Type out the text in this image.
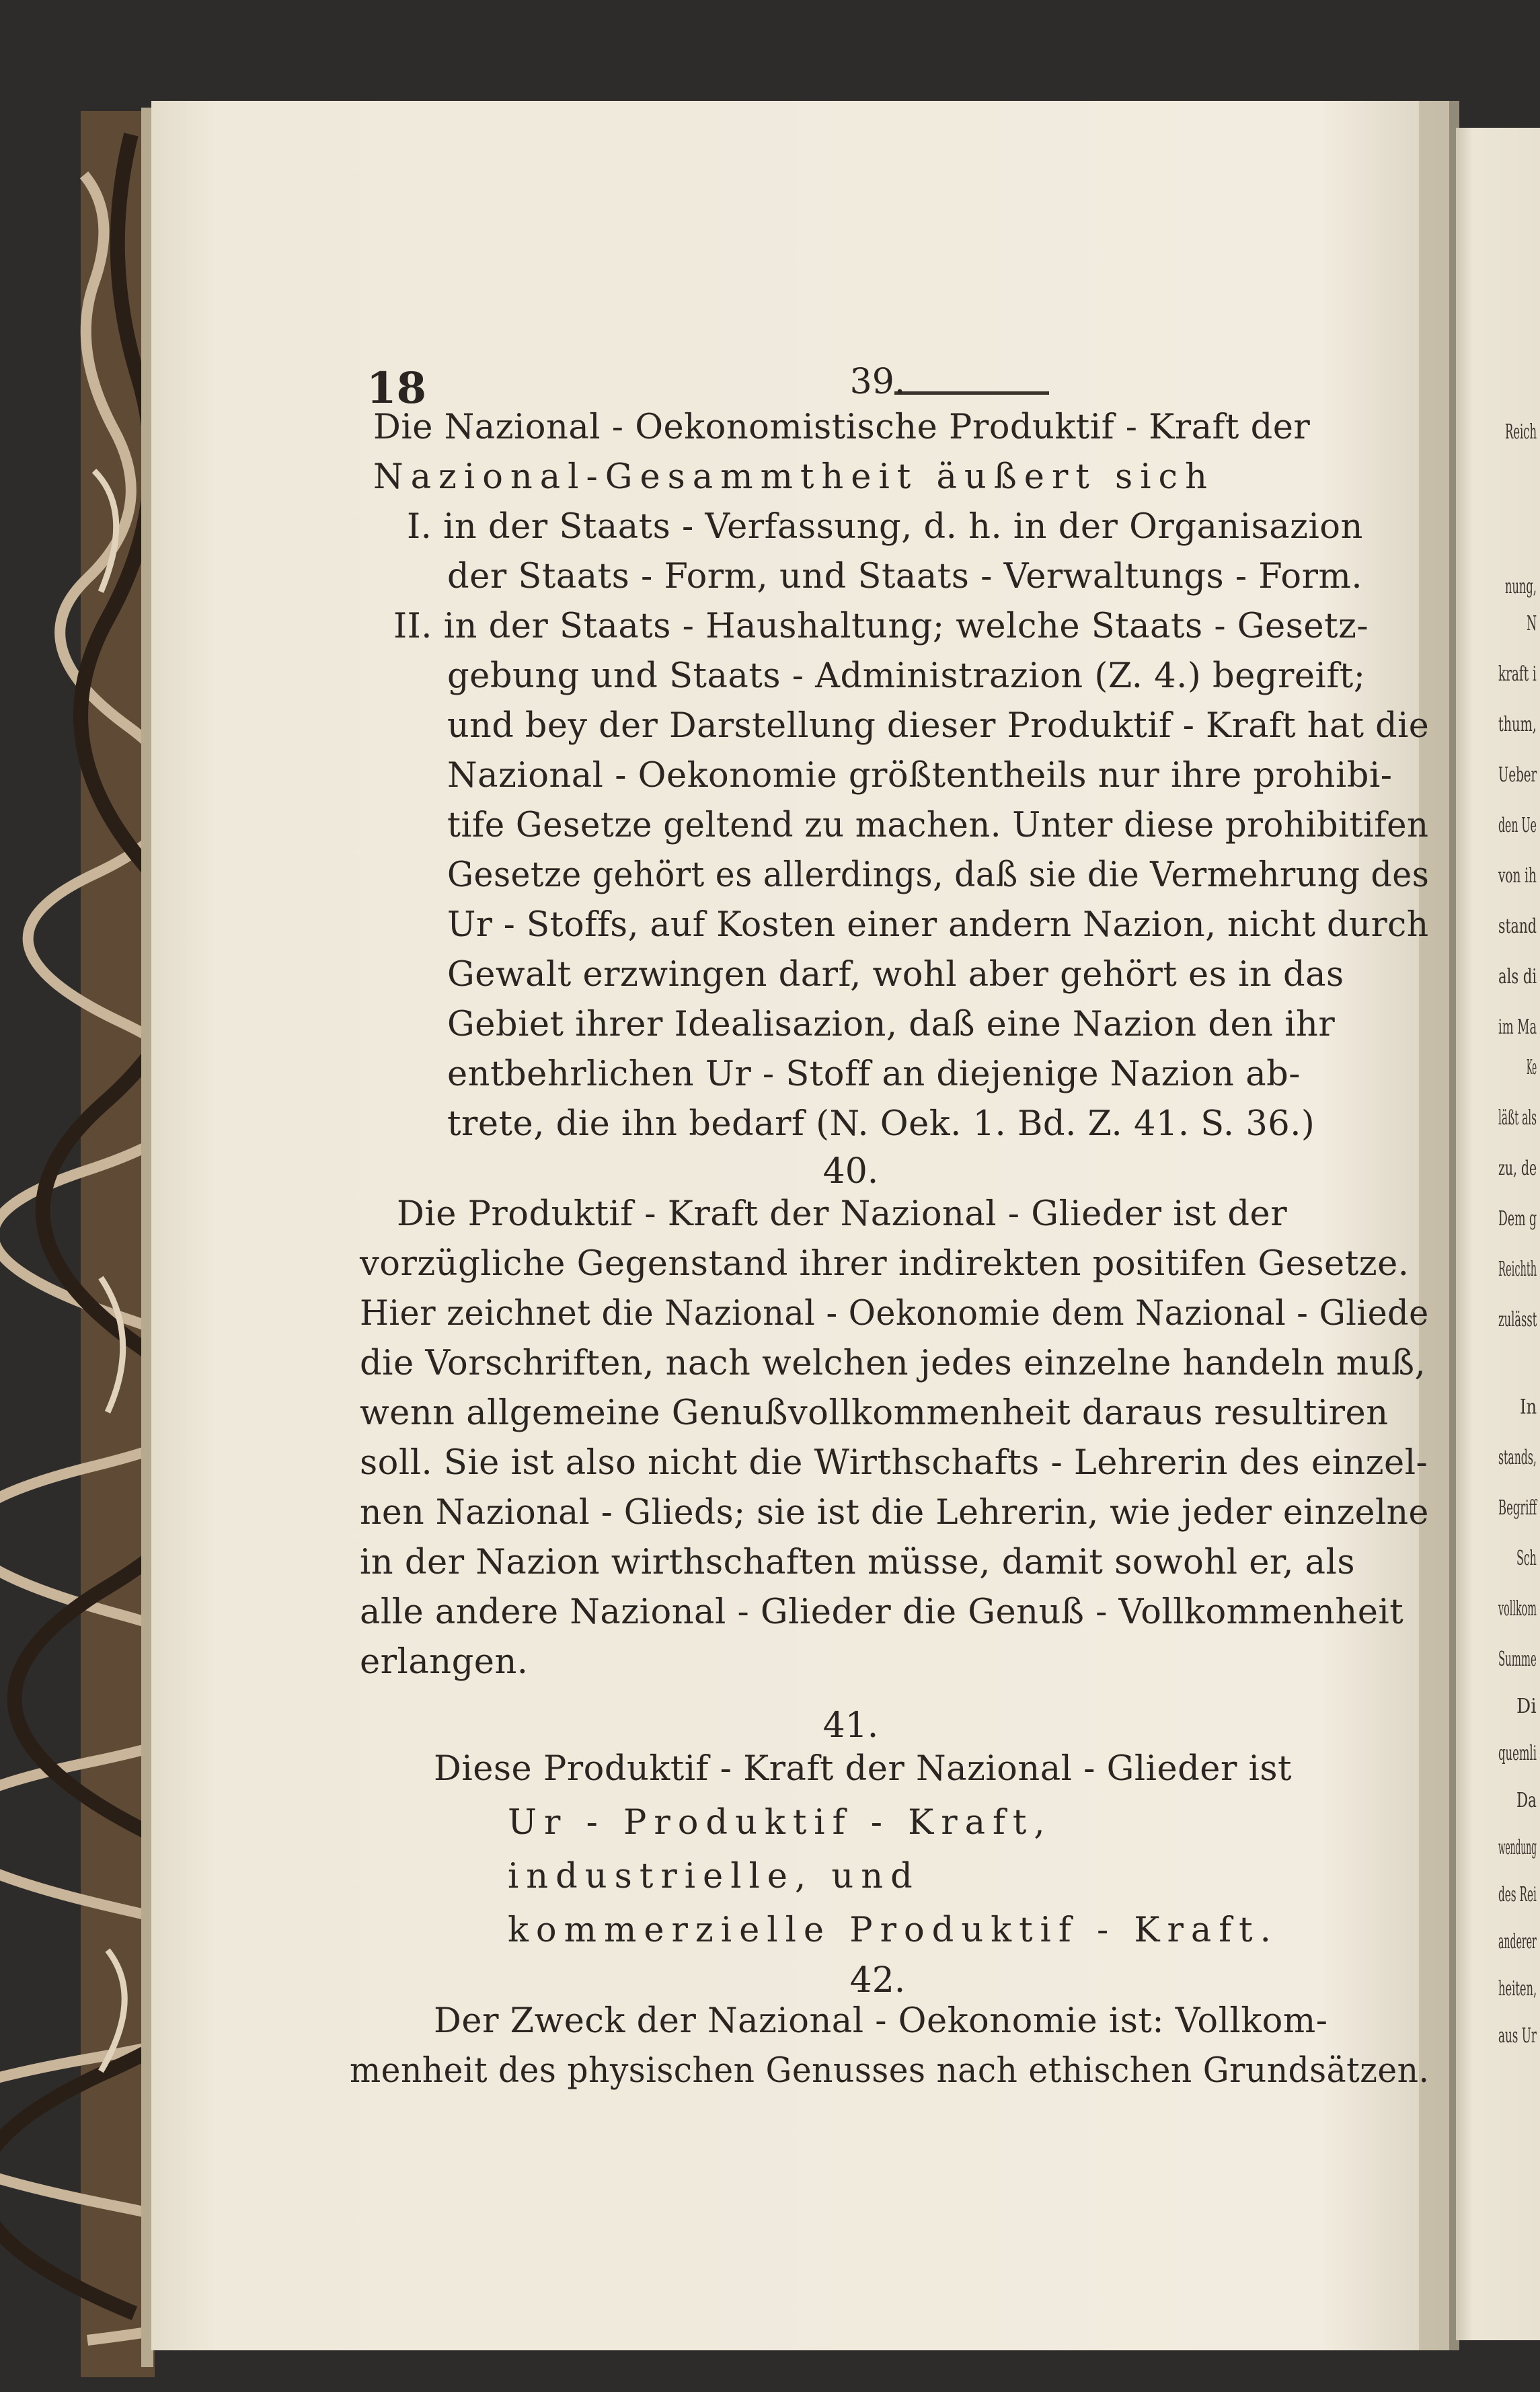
18	39.
Die Nazional - Oekonomistische Produktif - Kraft der
Nazional-Gesammtheit äußert sich
I. in der Staats - Verfassung, d. h. in der Organisazion
der Staats - Form, und Staats - Verwaltungs - Form.
II. in der Staats - Haushaltung; welche Staats - Gesetz-
gebung und Staats - Administrazion (Z. 4.) begreift;
und bey der Darstellung dieser Produktif - Kraft hat die
Nazional - Oekonomie größtentheils nur ihre prohibi-
tife Gesetze geltend zu machen. Unter diese prohibitifen
Gesetze gehört es allerdings, daß sie die Vermehrung des
Ur - Stoffs, auf Kosten einer andern Nazion, nicht durch
Gewalt erzwingen darf, wohl aber gehört es in das
Gebiet ihrer Idealisazion, daß eine Nazion den ihr
entbehrlichen Ur - Stoff an diejenige Nazion ab-
trete, die ihn bedarf (N. Oek. 1. Bd. Z. 41. S. 36.)
40.
Die Produktif - Kraft der Nazional - Glieder ist der
vorzügliche Gegenstand ihrer indirekten positifen Gesetze.
Hier zeichnet die Nazional - Oekonomie dem Nazional - Gliede
die Vorschriften, nach welchen jedes einzelne handeln muß,
wenn allgemeine Genußvollkommenheit daraus resultiren
soll. Sie ist also nicht die Wirthschafts - Lehrerin des einzel-
nen Nazional - Glieds; sie ist die Lehrerin, wie jeder einzelne
in der Nazion wirthschaften müsse, damit sowohl er, als
alle andere Nazional - Glieder die Genuß - Vollkommenheit
erlangen.
41.
Diese Produktif - Kraft der Nazional - Glieder ist
Ur - Produktif - Kraft,
industrielle, und
kommerzielle Produktif - Kraft.
42.
Der Zweck der Nazional - Oekonomie ist: Vollkom-
menheit des physischen Genusses nach ethischen Grundsätzen.
Reich
nung,
N
kraft i
thum,
Ueber
den Ue
von ih
stand
als di
im Ma
Ke
läßt als
zu, de
Dem g
Reichth
zulässt
In
stands,
Begriff
Sch
vollkom
Summe
Di
quemli
Da
wendung
des Rei
anderer
heiten,
aus Ur
